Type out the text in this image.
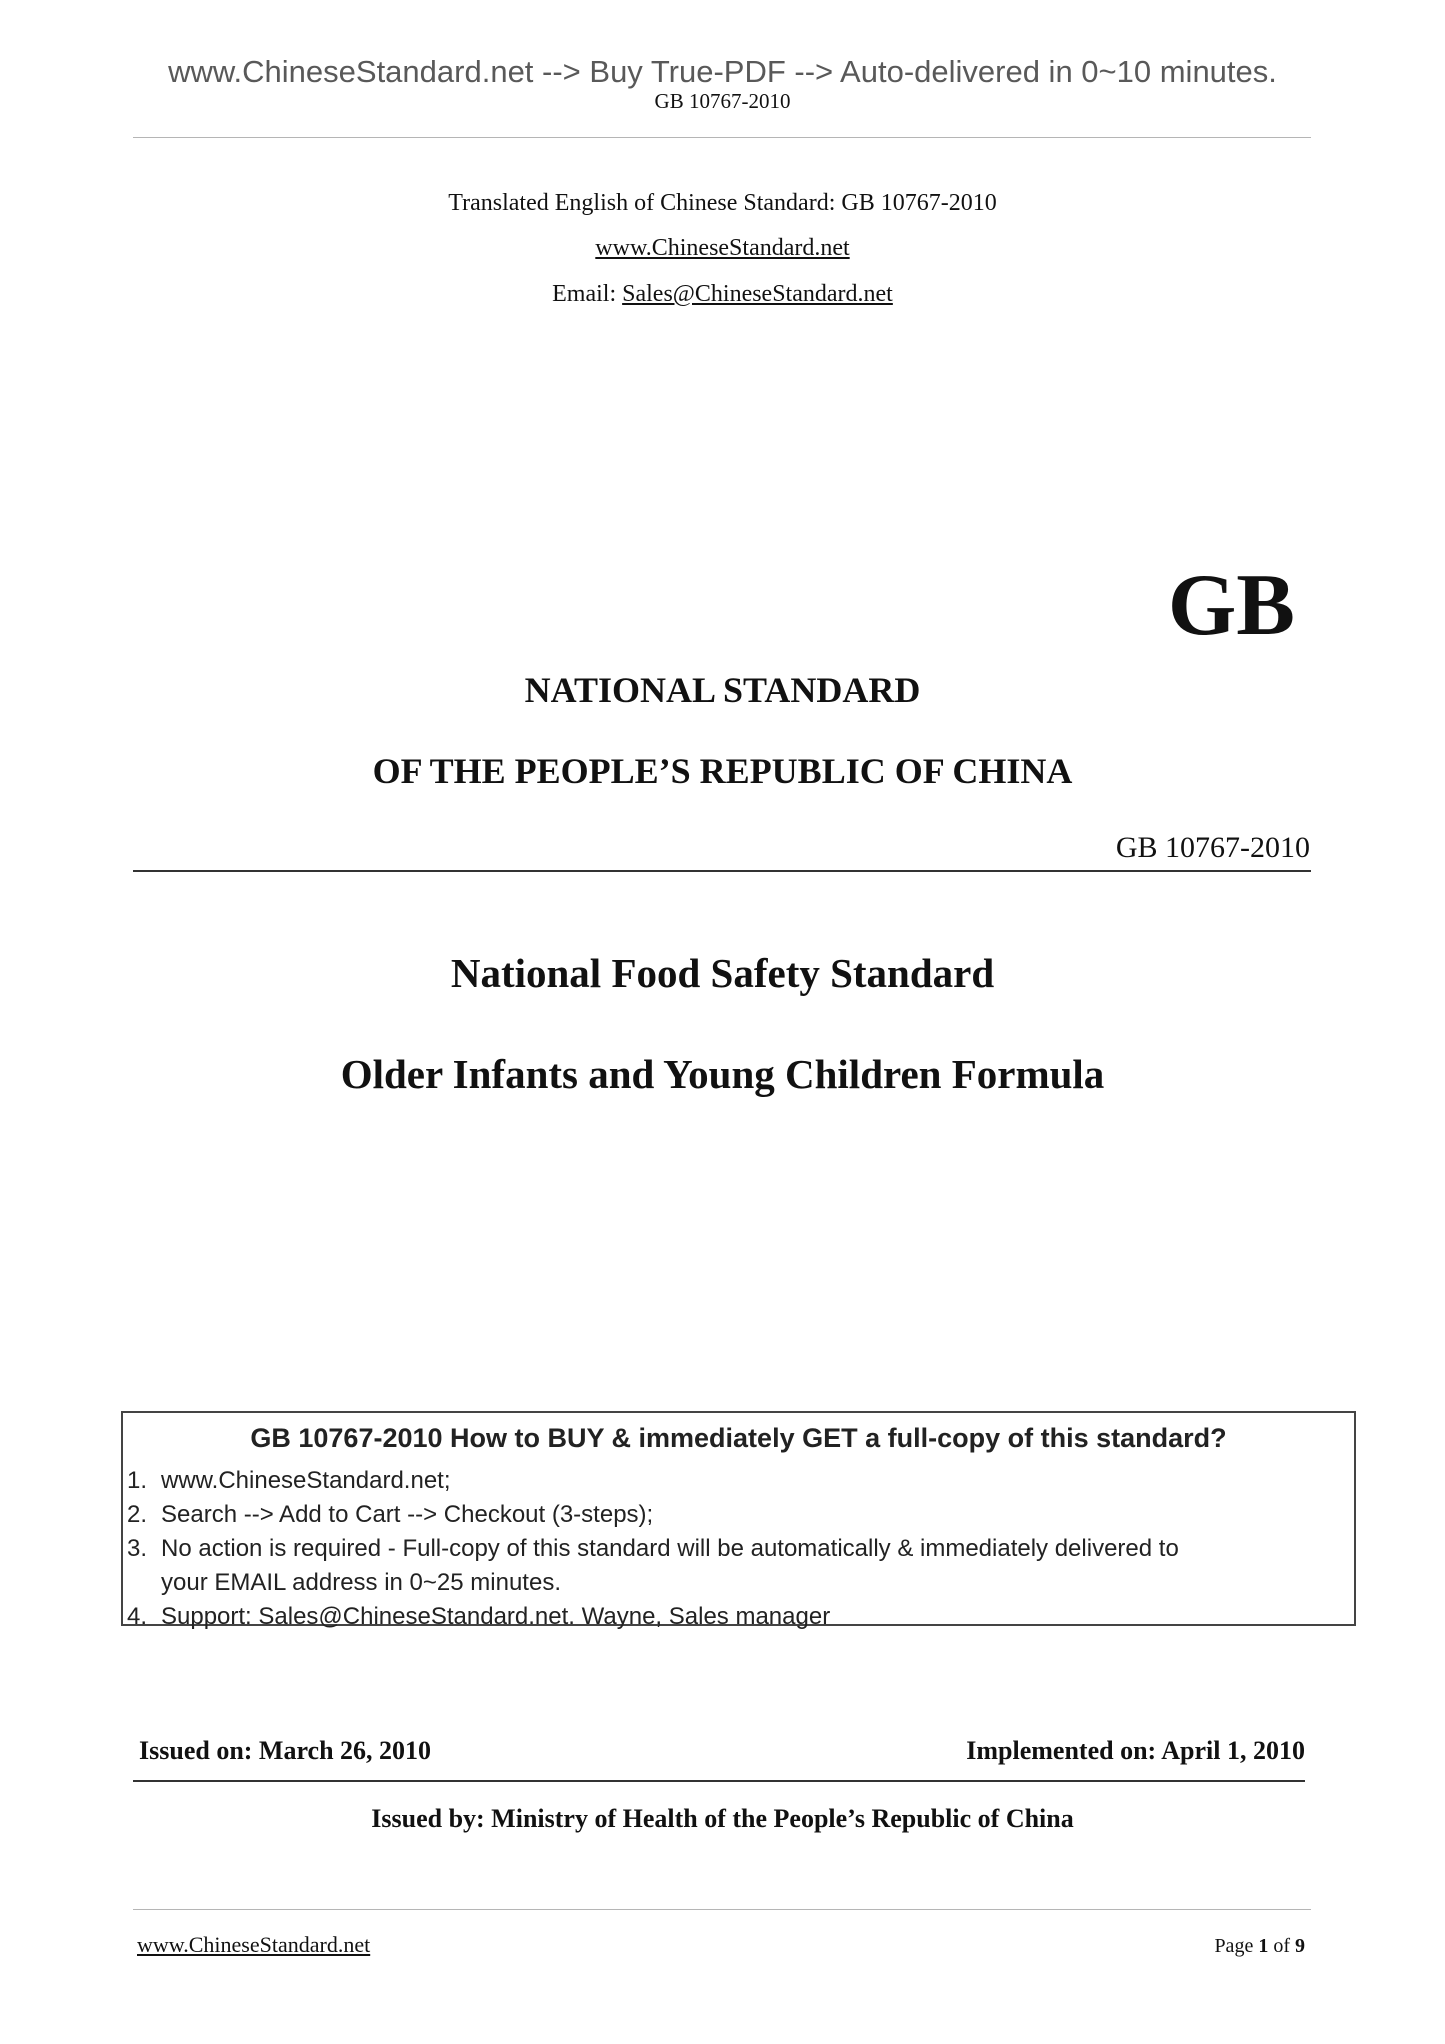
www.ChineseStandard.net --> Buy True-PDF --> Auto-delivered in 0~10 minutes.
GB 10767-2010
Translated English of Chinese Standard: GB 10767-2010
www.ChineseStandard.net
Email: Sales@ChineseStandard.net
GB
NATIONAL STANDARD
OF THE PEOPLE’S REPUBLIC OF CHINA
GB 10767-2010
National Food Safety Standard
Older Infants and Young Children Formula
GB 10767-2010 How to BUY & immediately GET a full-copy of this standard?
1. www.ChineseStandard.net;
2. Search --> Add to Cart --> Checkout (3-steps);
3. No action is required - Full-copy of this standard will be automatically & immediately delivered to
your EMAIL address in 0~25 minutes.
4. Support: Sales@ChineseStandard.net. Wayne, Sales manager
Issued on: March 26, 2010	Implemented on: April 1, 2010
Issued by: Ministry of Health of the People’s Republic of China
www.ChineseStandard.net	Page 1 of 9
